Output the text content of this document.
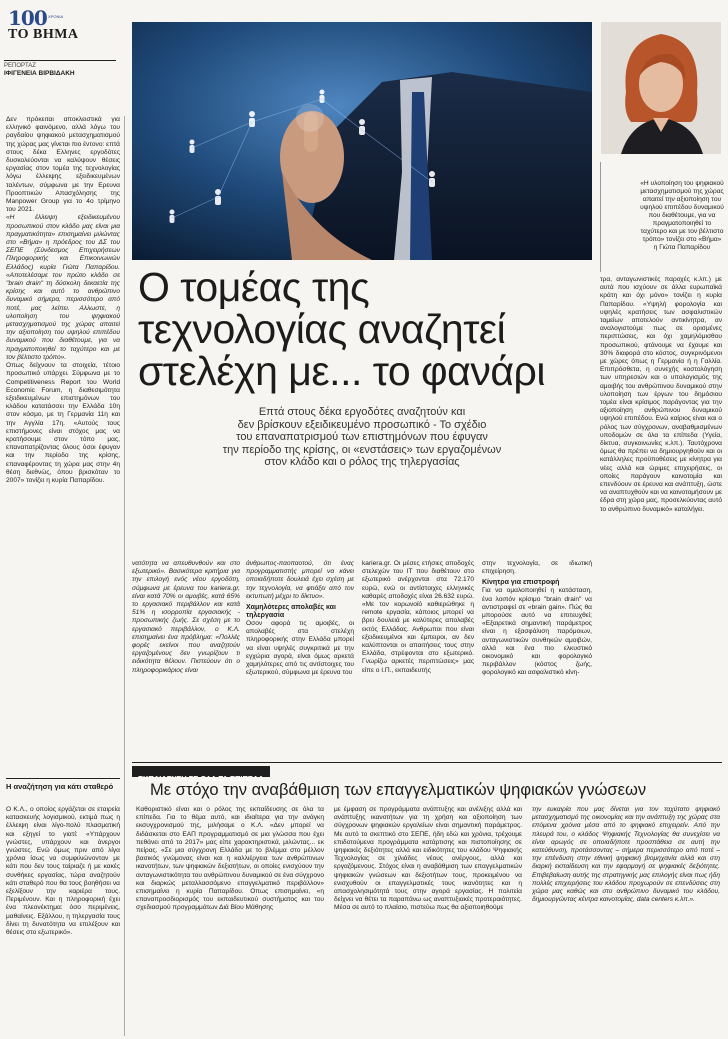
100 ΧΡΟΝΙΑ
ΤΟ ΒΗΜΑ
ΡΕΠΟΡΤΑΖ
ΙΦΙΓΕΝΕΙΑ ΒΙΡΒΙΔΑΚΗ

«Η υλοποίηση του ψηφιακού μετασχηματισμού της χώρας απαιτεί την αξιοποίηση του υψηλού επιπέδου δυναμικού που διαθέτουμε, για να πραγματοποιηθεί το ταχύτερο και με τον βέλτιστο τρόπο» τονίζει στο «Βήμα» η Γιώτα Παπαρίδου

Ο τομέας της
τεχνολογίας αναζητεί
στελέχη με... το φανάρι
Επτά στους δέκα εργοδότες αναζητούν και
δεν βρίσκουν εξειδικευμένο προσωπικό - Το σχέδιο
του επαναπατρισμού των επιστημόνων που έφυγαν
την περίοδο της κρίσης, οι «ενστάσεις» των εργαζομένων
στον κλάδο και ο ρόλος της τηλεργασίας

Δεν πρόκειται αποκλειστικά για ελληνικό φαινόμενο, αλλά λόγω του ραγδαίου ψηφιακού μετασχηματισμού της χώρας μας γίνεται πιο έντονο: επτά στους δέκα Ελληνες εργοδότες δυσκολεύονται να καλύψουν θέσεις εργασίας στον τομέα της τεχνολογίας λόγω έλλειψης εξειδικευμένων ταλέντων, σύμφωνα με την Ερευνα Προοπτικών Απασχόλησης της Manpower Group για το 4ο τρίμηνο του 2021.

«Η έλλειψη εξειδικευμένου προσωπικού στον κλάδο μας είναι μια πραγματικότητα» επισημαίνει μιλώντας στο «Βήμα» η πρόεδρος του ΔΣ του ΣΕΠΕ (Σύνδεσμος Επιχειρήσεων Πληροφορικής και Επικοινωνιών Ελλάδος) κυρία Γιώτα Παπαρίδου. «Αποτελέσαμε τον πρώτο κλάδο σε "brain drain" τη δύσκολη δεκαετία της κρίσης και αυτό το ανθρώπινο δυναμικό σήμερα, περισσότερο από ποτέ, μας λείπει. Αλλωστε, η υλοποίηση του ψηφιακού μετασχηματισμού της χώρας απαιτεί την αξιοποίηση του υψηλού επιπέδου δυναμικού που διαθέτουμε, για να πραγματοποιηθεί το ταχύτερο και με τον βέλτιστο τρόπο».

Οπως δείχνουν τα στοιχεία, τέτοιο προσωπικό υπάρχει. Σύμφωνα με το Competitiveness Report του World Economic Forum, η διαθεσιμότητα εξειδικευμένων επιστημόνων του κλάδου κατατάσσει την Ελλάδα 10η στον κόσμο, με τη Γερμανία 11η και την Αγγλία 17η. «Αυτούς τους επιστήμονες είναι στόχος μας να κρατήσουμε στον τόπο μας, επαναπατρίζοντας όλους όσοι έφυγαν και την περίοδο της κρίσης, επαναφέροντας τη χώρα μας στην 4η θέση διεθνώς, όπου βρισκόταν το 2007» τονίζει η κυρία Παπαρίδου.

Η αναζήτηση για κάτι σταθερό

Ο Κ.Λ., ο οποίος εργάζεται σε εταιρεία κατασκευής λογισμικού, εκτιμά πως η έλλειψη είναι λίγο-πολύ πλασματική και εξηγεί το γιατί: «Υπάρχουν γνώστες, υπάρχουν και άνεργοι γνώστες. Ενώ όμως πριν από λίγα χρόνια ίσως να συμφιλιώνονταν με κάτι που δεν τους ταίριαζε ή με κακές συνθήκες εργασίας, τώρα αναζητούν κάτι σταθερό που θα τους βοηθήσει να εξελίξουν την καριέρα τους. Περιμένουν. Και η πληροφορική έχει ένα πλεονέκτημα: όσο περιμένεις, μαθαίνεις. Εξάλλου, η τηλεργασία τους δίνει τη δυνατότητα να επιλέξουν και θέσεις στο εξωτερικό».

νατότητα να απευθυνθούν και στο εξωτερικό». Βασικότερα κριτήρια για την επιλογή ενός νέου εργοδότη, σύμφωνα με έρευνα του kariera.gr, είναι κατά 70% οι αμοιβές, κατά 65% το εργασιακό περιβάλλον και κατά 51% η ισορροπία εργασιακής - προσωπικής ζωής. Σε σχέση με το εργασιακό περιβάλλον, ο Κ.Λ. επισημαίνει ένα πρόβλημα: «Πολλές φορές εκείνοι που αναζητούν εργαζομένους δεν γνωρίζουν τι ειδικότητα θέλουν. Πιστεύουν ότι ο πληροφορικάριος είναι

άνθρωπος-παοπαοτού, ότι ένας προγραμματιστής μπορεί να κάνει οποιαδήποτε δουλειά έχει σχέση με την τεχνολογία, να φτιάξει από τον εκτυπωτή μέχρι το δίκτυο».

Χαμηλότερες απολαβές και τηλεργασία

Οσον αφορά τις αμοιβές, οι απολαβές στα στελέχη πληροφορικής στην Ελλάδα μπορεί να είναι υψηλές συγκριτικά με την εγχώρια αγορά, είναι όμως αρκετά χαμηλότερες από τις αντίστοιχες του εξωτερικού, σύμφωνα με έρευνα του

kariera.gr. Οι μέσες ετήσιες αποδοχές στελεχών του IT που διαθέτουν στο εξωτερικό ανέρχονται στα 72.170 ευρώ, ενώ οι αντίστοιχες ελληνικές καθαρές αποδοχές είναι 26.632 ευρώ. «Με τον κορωνοϊό καθιερώθηκε η remote εργασία, κάποιος μπορεί να βρει δουλειά με καλύτερες απολαβές εκτός Ελλάδας. Ανθρωποι που είναι εξειδικευμένοι και έμπειροι, αν δεν καλύπτονται οι απαιτήσεις τους στην Ελλάδα, στρέφονται στο εξωτερικό. Γνωρίζω αρκετές περιπτώσεις» μας είπε ο Ι.Π., εκπαιδευτής

στην τεχνολογία, σε ιδιωτική επιχείρηση.

Κίνητρα για επιστροφή

Για να ομαλοποιηθεί η κατάσταση, ένα λοιπόν κρίσιμο "brain drain" να αντιστραφεί σε «brain gain». Πώς θα μπορούσε αυτό να επιτευχθεί; «Εξαιρετικά σημαντική παράμετρος είναι η εξασφάλιση παρόμοιων, ανταγωνιστικών συνθηκών αμοιβών, αλλά και ένα πιο ελκυστικό οικονομικό και φορολογικό περιβάλλον (κόστος ζωής, φορολογικό και ασφαλιστικό κίνη-

τρα, ανταγωνιστικές παροχές κ.λπ.) με αυτά που ισχύουν σε άλλα ευρωπαϊκά κράτη και όχι μόνο» τονίζει η κυρία Παπαρίδου. «Υψηλή φορολογία και υψηλές κρατήσεις των ασφαλιστικών ταμείων αποτελούν αντικίνητρα, αν αναλογιστούμε πως σε ορισμένες περιπτώσεις, και όχι χαμηλόμισθου προσωπικού, φτάνουμε να έχουμε και 30% διαφορά στο κόστος, συγκρινόμενοι με χώρες όπως η Γερμανία ή η Γαλλία. Επιπρόσθετα, η συνεχής κοστολόγηση των υπηρεσιών και ο υπολογισμός της αμοιβής του ανθρώπινου δυναμικού στην υλοποίηση των έργων του δημόσιου τομέα είναι κρίσιμος παράγοντας για την αξιοποίηση ανθρώπινου δυναμικού υψηλού επιπέδου. Ενώ καίριος είναι και ο ρόλος των σύγχρονων, αναβαθμισμένων υποδομών σε όλα τα επίπεδα (Υγεία, δίκτυα, συγκοινωνίες κ.λπ.). Ταυτόχρονα όμως θα πρέπει να δημιουργηθούν και οι κατάλληλες προϋποθέσεις με κίνητρα για νέες αλλά και ώριμες επιχειρήσεις, οι οποίες παράγουν καινοτομία και επενδύουν σε έρευνα και ανάπτυξη, ώστε να αναπτυχθούν και να καινοτομήσουν με έδρα στη χώρα μας, προσελκύοντας αυτό το ανθρώπινο δυναμικό» καταλήγει.

ΕΚΠΑΙΔΕΥΣΗ ΣΕ ΟΛΑ ΤΑ ΕΠΙΠΕΔΑ
Με στόχο την αναβάθμιση των επαγγελματικών ψηφιακών γνώσεων

Καθοριστικό είναι και ο ρόλος της εκπαίδευσης σε όλα τα επίπεδα. Για το θέμα αυτό, και ιδιαίτερα για την ανάγκη εκσυγχρονισμού της, μιλήσαμε ο Κ.Λ. «Δεν μπορεί να διδάσκεται στο ΕΑΠ προγραμματισμό σε μια γλώσσα που έχει πεθάνει από το 2017» μας είπε χαρακτηριστικά, μιλώντας... εκ πείρας. «Σε μια σύγχρονη Ελλάδα με το βλέμμα στο μέλλον βασικός γνώμονας είναι και η καλλιέργεια των ανθρώπινων ικανοτήτων, των ψηφιακών δεξιοτήτων, οι οποίες ενισχύουν την ανταγωνιστικότητα του ανθρώπινου δυναμικού σε ένα σύγχρονο και διαρκώς μεταλλασσόμενο επαγγελματικό περιβάλλον» επισημαίνει η κυρία Παπαρίδου. Οπως επισημαίνει, «η επαναπροσδιορισμός του εκπαιδευτικού συστήματος και του σχεδιασμού προγραμμάτων Διά Βίου Μάθησης

με έμφαση σε προγράμματα ανάπτυξης και ανέλιξης αλλά και ανάπτυξης ικανοτήτων για τη χρήση και αξιοποίηση των σύγχρονων ψηφιακών εργαλείων είναι σημαντική παράμετρος. Με αυτό το σκεπτικό στο ΣΕΠΕ, ήδη εδώ και χρόνια, τρέχουμε επιδοτούμενα προγράμματα κατάρτισης και πιστοποίησης σε ψηφιακές δεξιότητες αλλά και ειδικότητες του κλάδου Ψηφιακής Τεχνολογίας σε χιλιάδες νέους ανέργους, αλλά και εργαζόμενους. Στόχος είναι η αναβάθμιση των επαγγελματικών ψηφιακών γνώσεων και δεξιοτήτων τους, προκειμένου να ενισχυθούν οι επαγγελματικές τους ικανότητες και η απασχολησιμότητά τους στην αγορά εργασίας. Η πολιτεία δείχνει να θέτει τα παραπάνω ως αναπτυξιακές προτεραιότητες. Μέσα σε αυτό το πλαίσιο, πιστεύω πως θα αξιοποιηθούμε

την ευκαιρία που μας δίνεται για τον ταχύτατο ψηφιακό μετασχηματισμό της οικονομίας και την ανάπτυξη της χώρας στα επόμενα χρόνια μέσα από το ψηφιακό επιχειρείν. Από την πλευρά του, ο κλάδος Ψηφιακής Τεχνολογίας θα συνεχίσει να είναι αρωγός σε οποιαδήποτε προσπάθεια σε αυτή την κατεύθυνση, προτάσσοντας – σήμερα περισσότερο από ποτέ – την επένδυση στην εθνική ψηφιακή βιομηχανία αλλά και στη διαρκή εκπαίδευση και την εφαρμογή σε ψηφιακές δεξιότητες. Επιβεβαίωση αυτής της στρατηγικής μας επιλογής είναι πως ήδη πολλές επιχειρήσεις του κλάδου προχωρούν σε επενδύσεις στη χώρα μας καθώς και στο ανθρώπινο δυναμικό του κλάδου, δημιουργώντας κέντρα καινοτομίας, data centers κ.λπ.».
